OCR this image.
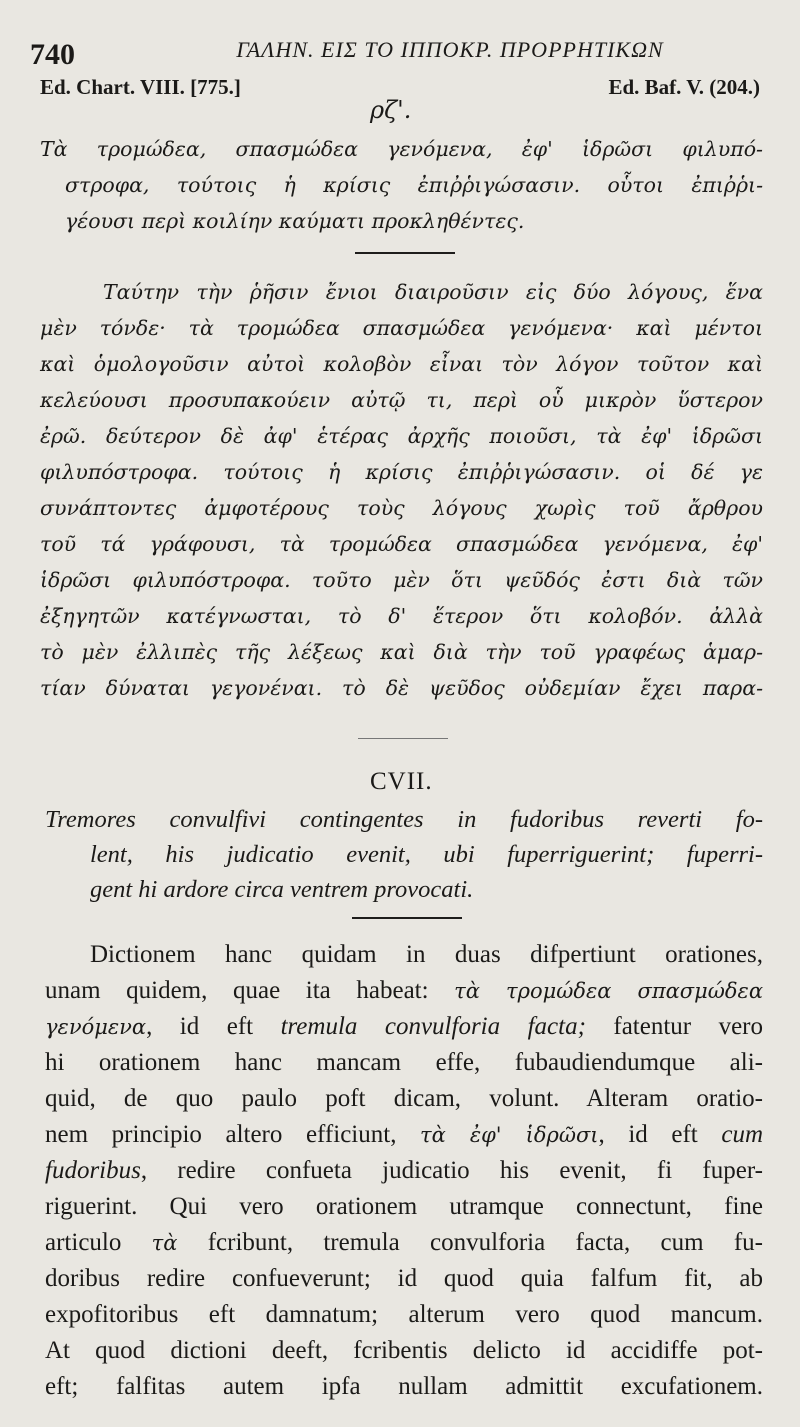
740	ΓΑΛΗΝ. ΕΙΣ ΤΟ ΙΠΠΟΚΡ. ΠΡΟΡΡΗΤΙΚΩΝ
Ed. Chart. VIII. [775.]	Ed. Baf. V. (204.)
ρζ'.
Τὰ τρομώδεα, σπασμώδεα γενόμενα, ἐφ' ἱδρῶσι φιλυπό-
στροφα, τούτοις ἡ κρίσις ἐπιῤῥιγώσασιν. οὗτοι ἐπιῤῥι-
γέουσι περὶ κοιλίην καύματι προκληθέντες.
Ταύτην τὴν ῥῆσιν ἔνιοι διαιροῦσιν εἰς δύο λόγους, ἕνα
μὲν τόνδε· τὰ τρομώδεα σπασμώδεα γενόμενα· καὶ μέντοι
καὶ ὁμολογοῦσιν αὐτοὶ κολοβὸν εἶναι τὸν λόγον τοῦτον καὶ
κελεύουσι προσυπακούειν αὐτῷ τι, περὶ οὗ μικρὸν ὕστερον
ἐρῶ. δεύτερον δὲ ἀφ' ἑτέρας ἀρχῆς ποιοῦσι, τὰ ἐφ' ἱδρῶσι
φιλυπόστροφα. τούτοις ἡ κρίσις ἐπιῤῥιγώσασιν. οἱ δέ γε
συνάπτοντες ἀμφοτέρους τοὺς λόγους χωρὶς τοῦ ἄρθρου
τοῦ τά γράφουσι, τὰ τρομώδεα σπασμώδεα γενόμενα, ἐφ'
ἱδρῶσι φιλυπόστροφα. τοῦτο μὲν ὅτι ψεῦδός ἐστι διὰ τῶν
ἐξηγητῶν κατέγνωσται, τὸ δ' ἕτερον ὅτι κολοβόν. ἀλλὰ
τὸ μὲν ἐλλιπὲς τῆς λέξεως καὶ διὰ τὴν τοῦ γραφέως ἁμαρ-
τίαν δύναται γεγονέναι. τὸ δὲ ψεῦδος οὐδεμίαν ἔχει παρα-
CVII.
Tremores convulfivi contingentes in fudoribus reverti fo-
lent, his judicatio evenit, ubi fuperriguerint; fuperri-
gent hi ardore circa ventrem provocati.
Dictionem hanc quidam in duas difpertiunt orationes,
unam quidem, quae ita habeat: τὰ τρομώδεα σπασμώδεα
γενόμενα, id eft tremula convulforia facta; fatentur vero
hi orationem hanc mancam effe, fubaudiendumque ali-
quid, de quo paulo poft dicam, volunt. Alteram oratio-
nem principio altero efficiunt, τὰ ἐφ' ἱδρῶσι, id eft cum
fudoribus, redire confueta judicatio his evenit, fi fuper-
riguerint. Qui vero orationem utramque connectunt, fine
articulo τὰ fcribunt, tremula convulforia facta, cum fu-
doribus redire confueverunt; id quod quia falfum fit, ab
expofitoribus eft damnatum; alterum vero quod mancum.
At quod dictioni deeft, fcribentis delicto id accidiffe pot-
eft; falfitas autem ipfa nullam admittit excufationem.
